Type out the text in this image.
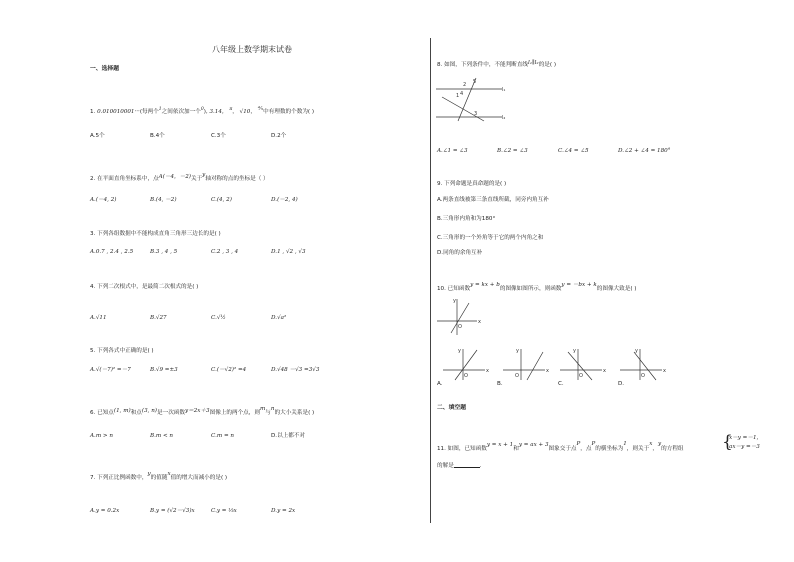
八年级上数学期末试卷
一、选择题
1. 0.010010001···(每两个$^1$之间依次加一个$^0$), 3.14， $^\pi$， √10， ⁴⁄₅中有理数的个数为( )
A.5个	B.4个	C.3个	D.2个
2. 在平面直角坐标系中，点A(－4，－2)关于y轴对称的点的坐标是（ ）
A.(－4, 2)	B.(4, －2)	C.(4, 2)	D.(－2, 4)
3. 下列各组数据中不能构成直角三角形三边长的是( )
A.0.7 , 2.4 , 2.5	B.3 , 4 , 5	C.2 , 3 , 4	D.1 , √2 , √3
4. 下列二次根式中，是最简二次根式的是( )
A.√11	B.√27	C.√½	D.√a²
5. 下列各式中正确的是( )
A.√(－7)² =－7	B.√9 =±3	C.(－√2)² =4	D.√48 －√3 =3√3
6. 已知点(1, m)和点(3, n)是一次函数y＝2x＋3图像上的两个点，则m与n的大小关系是( )
A.m > n	B.m < n	C.m = n	D.以上都不对
7. 下列正比例函数中，y的值随x值的增大而减小的是( )
A.y = 0.2x	B.y = (√2－√3)x	C.y = ⅓x	D.y = 2x
8. 如图，下列条件中，不能判断直线l₁∥l₂的是( )
1
2
3
4
5
l₁
l₂
A.∠1 = ∠3	B.∠2 = ∠3	C.∠4 = ∠5	D.∠2 + ∠4 = 180°
9. 下列命题是真命题的是( )
A.两条直线被第三条直线所截，同旁内角互补
B.三角形内角和为180°
C.三角形的一个外角等于它的两个内角之和
D.同角的余角互补
10. 已知函数y = kx + b的图像如图所示，则函数y = －bx + k的图像大致是( )
x
y
O
x
y
O
x
y
O
x
y
O
x
y
O
A.	B.	C.	D.
二、填空题
11. 如图，已知函数y = x + 1和y = ax + 3图象交于点P，点P的横坐标为1，则关于x，y的方程组 {
x－y =－1，
ax－y =－3
的解是	.
